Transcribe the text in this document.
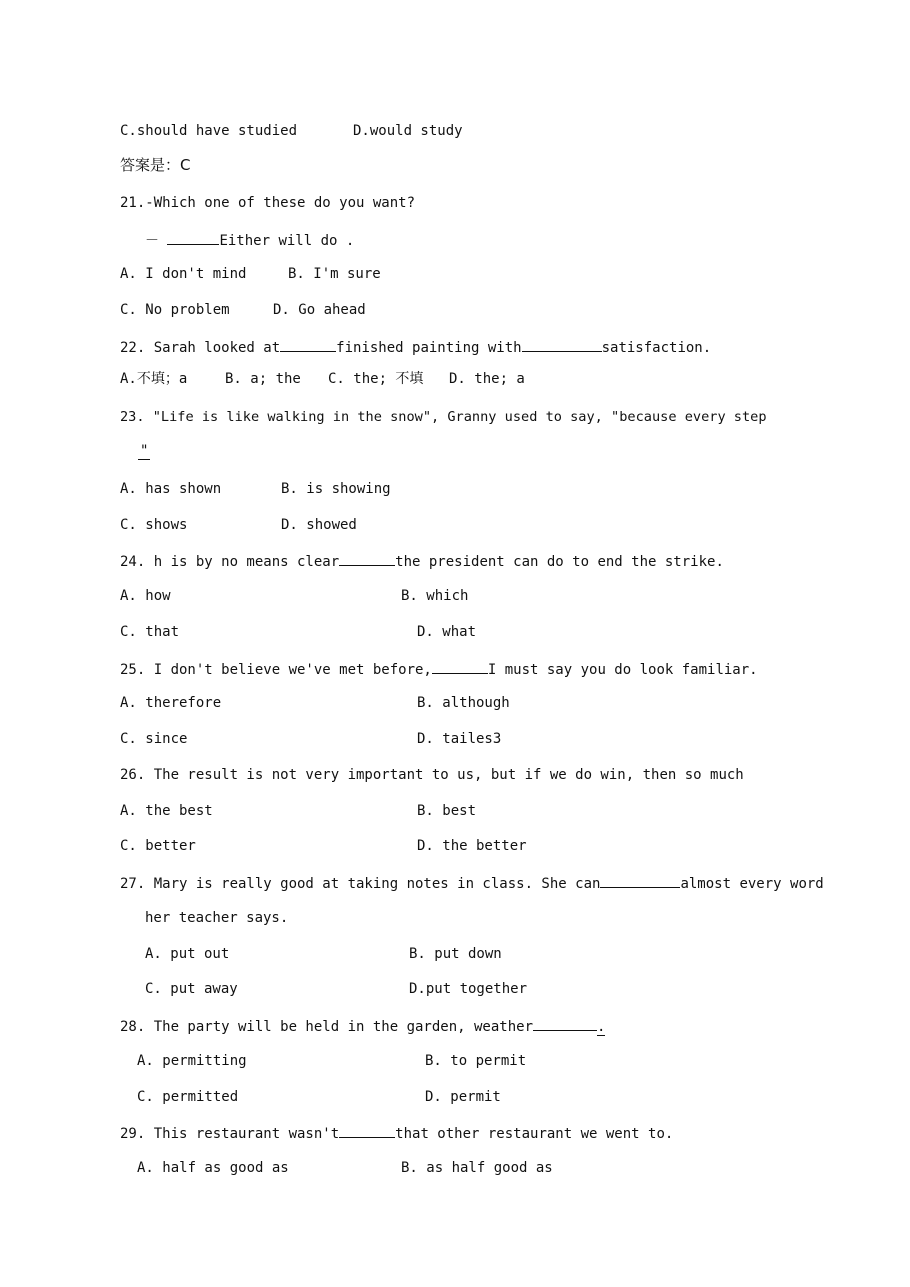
C.should have studied	D.would study
答案是：C
21.-Which one of these do you want?
－	Either will do .
A. I don't mind	B. I'm sure
C. No problem	D. Go ahead
22. Sarah looked at	finished painting with	satisfaction.
A.不填；a	B. a; the C. the; 不填 D. the; a
23. "Life is like walking in the snow", Granny used to say, "because every step
"
A. has shown	B. is showing
C. shows	D. showed
24. h is by no means clear	the president can do to end the strike.
A. how	B. which
C. that	D. what
25. I don't believe we've met before,	I must say you do look familiar.
A. therefore	B. although
C. since	D. tailes3
26. The result is not very important to us, but if we do win, then so much
A. the best	B. best
C. better	D. the better
27. Mary is really good at taking notes in class. She can	almost every word
her teacher says.
A. put out	B. put down
C. put away	D.put together
28. The party will be held in the garden, weather	.
A. permitting	B. to permit
C. permitted	D. permit
29. This restaurant wasn't	that other restaurant we went to.
A. half as good as	B. as half good as
